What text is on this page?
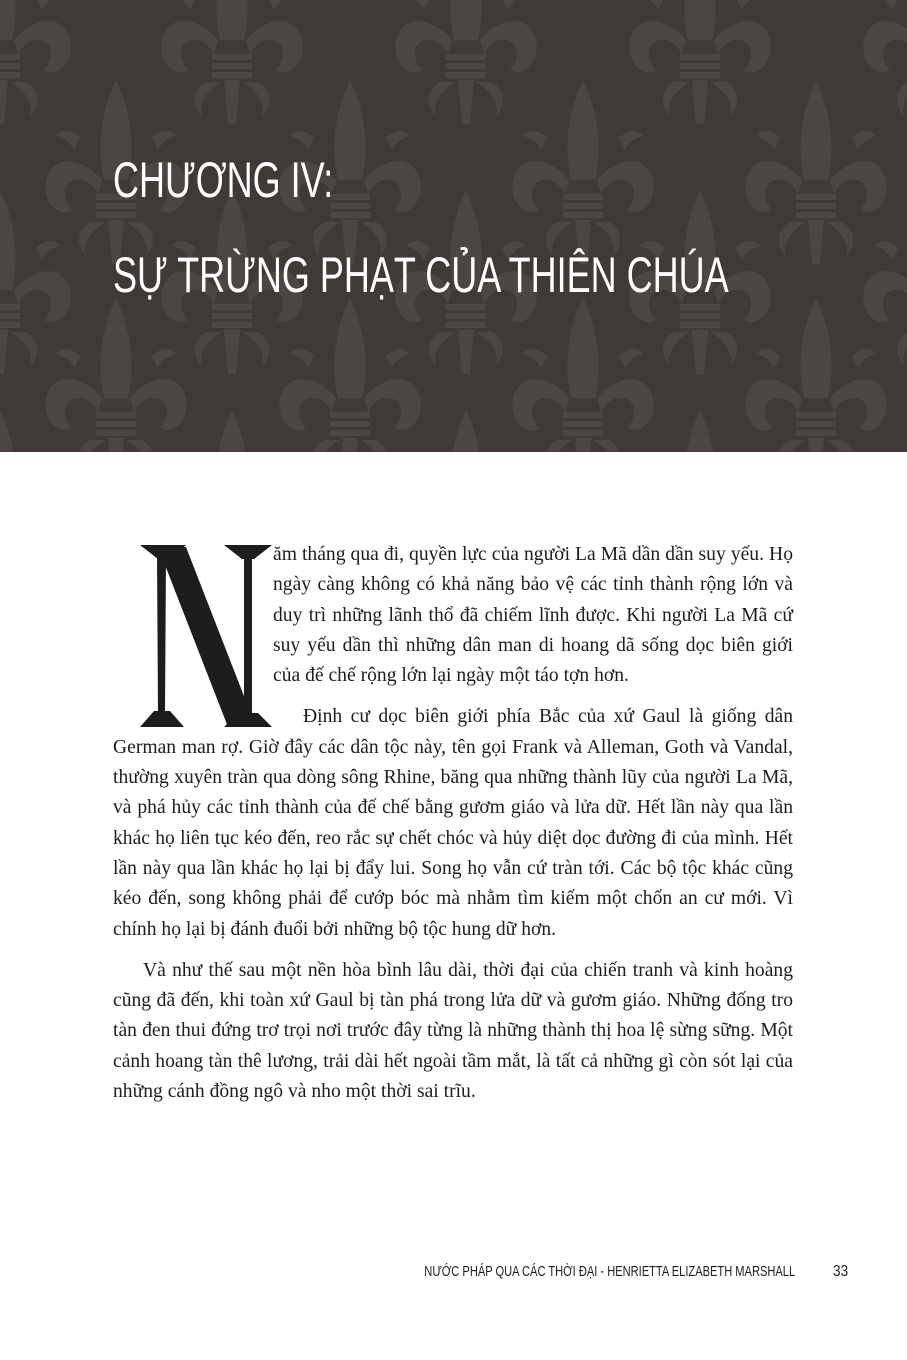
CHƯƠNG IV:
SỰ TRỪNG PHẠT CỦA THIÊN CHÚA

ăm tháng qua đi, quyền lực của người La Mã dần dần suy yếu. Họ ngày càng không có khả năng bảo vệ các tỉnh thành rộng lớn và duy trì những lãnh thổ đã chiếm lĩnh được. Khi người La Mã cứ suy yếu dần thì những dân man di hoang dã sống dọc biên giới của đế chế rộng lớn lại ngày một táo tợn hơn.

Định cư dọc biên giới phía Bắc của xứ Gaul là giống dân German man rợ. Giờ đây các dân tộc này, tên gọi Frank và Alleman, Goth và Vandal, thường xuyên tràn qua dòng sông Rhine, băng qua những thành lũy của người La Mã, và phá hủy các tỉnh thành của đế chế bằng gươm giáo và lửa dữ. Hết lần này qua lần khác họ liên tục kéo đến, reo rắc sự chết chóc và hủy diệt dọc đường đi của mình. Hết lần này qua lần khác họ lại bị đẩy lui. Song họ vẫn cứ tràn tới. Các bộ tộc khác cũng kéo đến, song không phải để cướp bóc mà nhằm tìm kiếm một chốn an cư mới. Vì chính họ lại bị đánh đuổi bởi những bộ tộc hung dữ hơn.

Và như thế sau một nền hòa bình lâu dài, thời đại của chiến tranh và kinh hoàng cũng đã đến, khi toàn xứ Gaul bị tàn phá trong lửa dữ và gươm giáo. Những đống tro tàn đen thui đứng trơ trọi nơi trước đây từng là những thành thị hoa lệ sừng sững. Một cảnh hoang tàn thê lương, trải dài hết ngoài tầm mắt, là tất cả những gì còn sót lại của những cánh đồng ngô và nho một thời sai trĩu.

NƯỚC PHÁP QUA CÁC THỜI ĐẠI - HENRIETTA ELIZABETH MARSHALL 33
